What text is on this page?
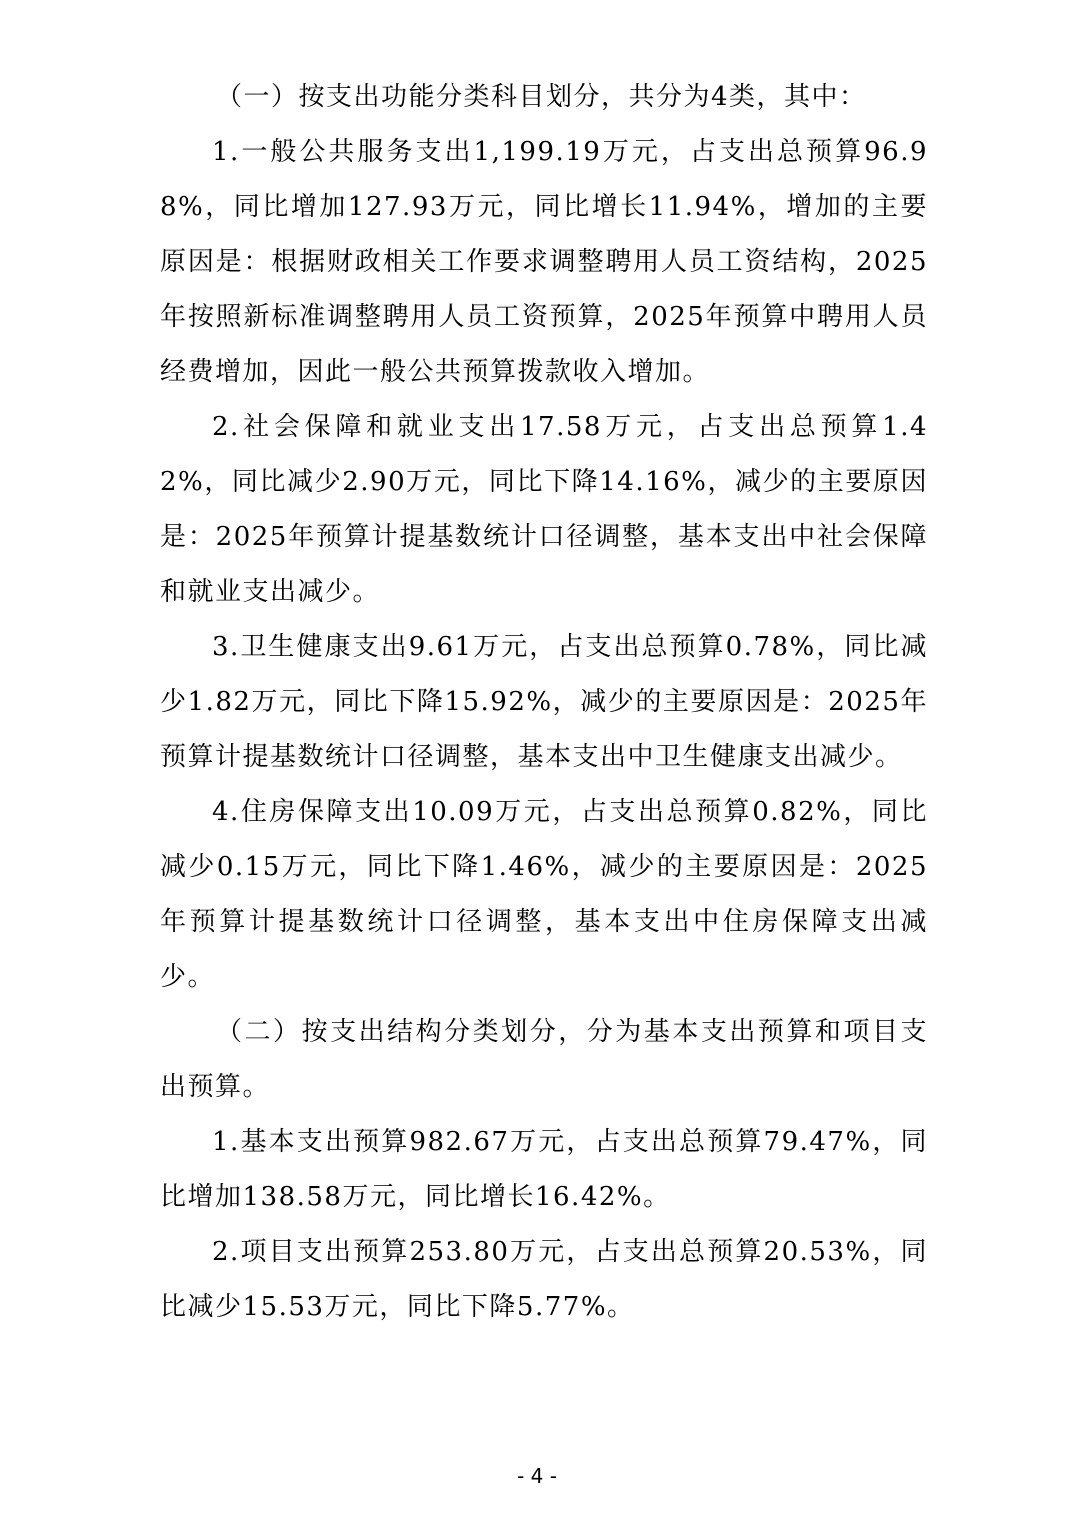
（一）按支出功能分类科目划分，共分为4类，其中：

1.一般公共服务支出1,199.19万元，占支出总预算96.98%，同比增加127.93万元，同比增长11.94%，增加的主要原因是：根据财政相关工作要求调整聘用人员工资结构，2025年按照新标准调整聘用人员工资预算，2025年预算中聘用人员经费增加，因此一般公共预算拨款收入增加。

2.社会保障和就业支出17.58万元，占支出总预算1.42%，同比减少2.90万元，同比下降14.16%，减少的主要原因是：2025年预算计提基数统计口径调整，基本支出中社会保障和就业支出减少。

3.卫生健康支出9.61万元，占支出总预算0.78%，同比减少1.82万元，同比下降15.92%，减少的主要原因是：2025年预算计提基数统计口径调整，基本支出中卫生健康支出减少。

4.住房保障支出10.09万元，占支出总预算0.82%，同比减少0.15万元，同比下降1.46%，减少的主要原因是：2025年预算计提基数统计口径调整，基本支出中住房保障支出减少。

（二）按支出结构分类划分，分为基本支出预算和项目支出预算。

1.基本支出预算982.67万元，占支出总预算79.47%，同比增加138.58万元，同比增长16.42%。

2.项目支出预算253.80万元，占支出总预算20.53%，同比减少15.53万元，同比下降5.77%。

- 4 -
